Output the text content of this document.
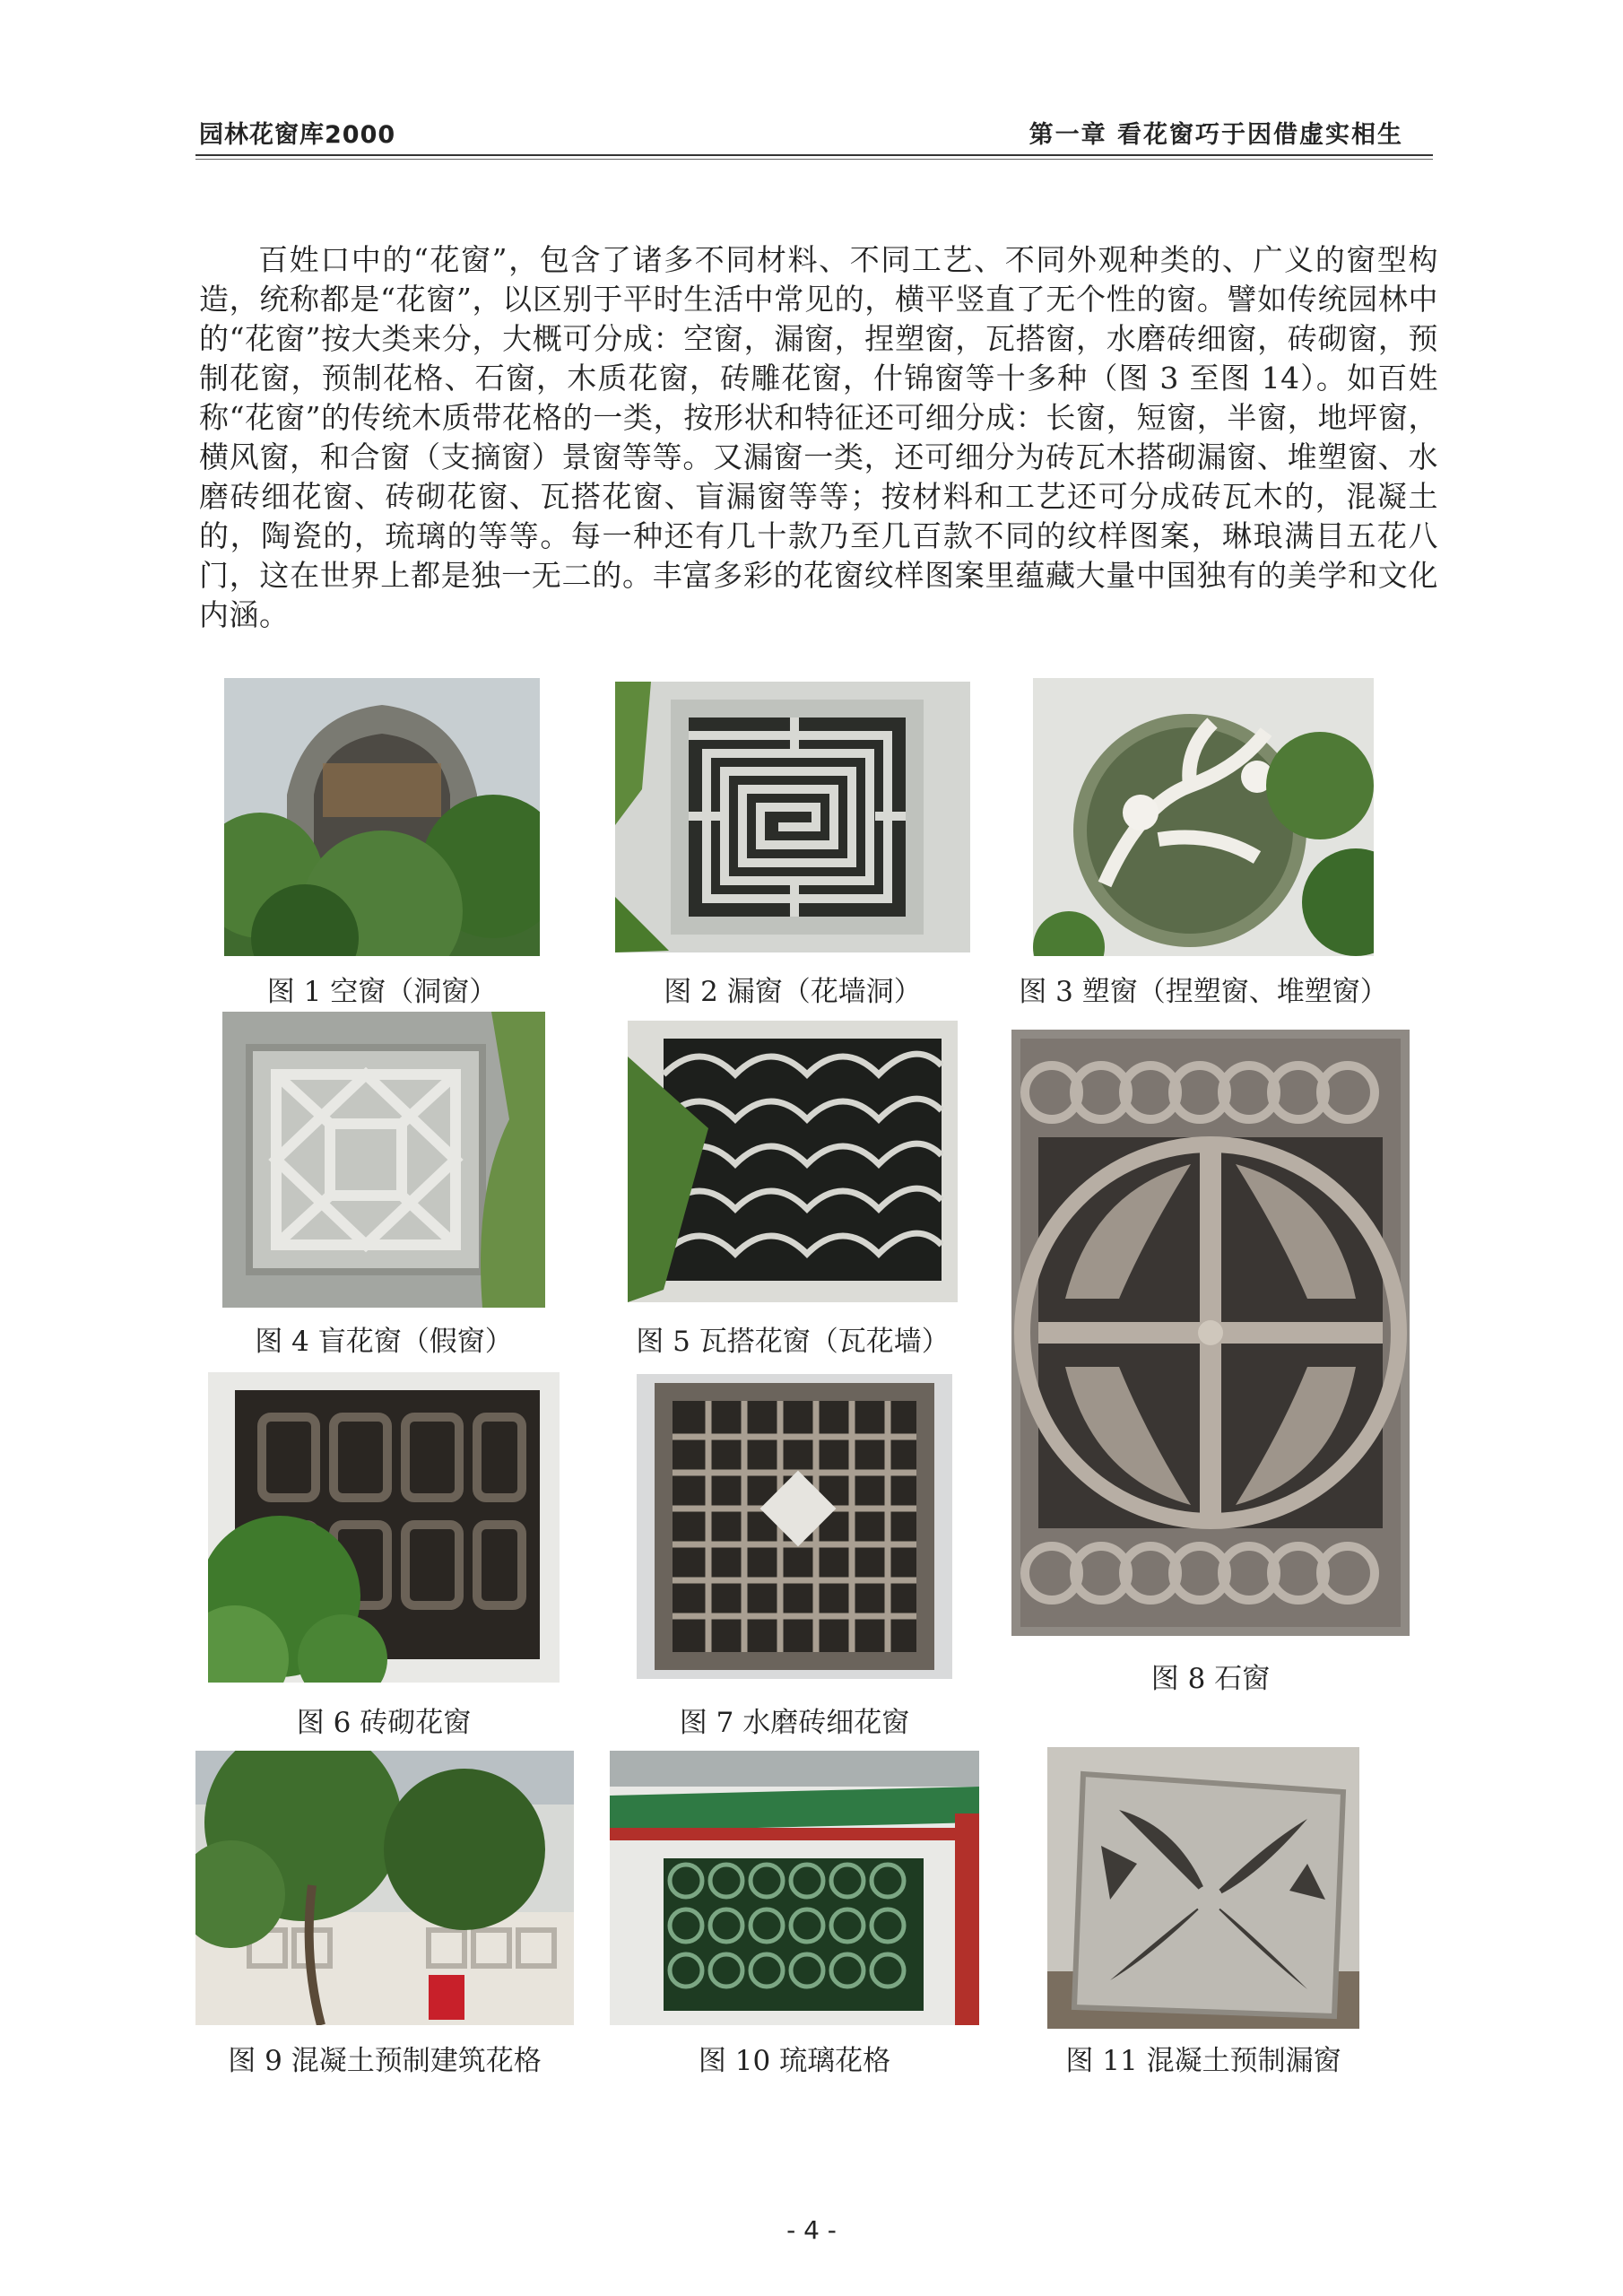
园林花窗库2000	第一章 看花窗巧于因借虚实相生
百姓口中的“花窗”，包含了诸多不同材料、不同工艺、不同外观种类的、广义的窗型构造，统称都是“花窗”，以区别于平时生活中常见的，横平竖直了无个性的窗。譬如传统园林中的“花窗”按大类来分，大概可分成：空窗，漏窗，捏塑窗，瓦搭窗，水磨砖细窗，砖砌窗，预制花窗，预制花格、石窗，木质花窗，砖雕花窗，什锦窗等十多种（图 3 至图 14）。如百姓称“花窗”的传统木质带花格的一类，按形状和特征还可细分成：长窗，短窗，半窗，地坪窗，横风窗，和合窗（支摘窗）景窗等等。又漏窗一类，还可细分为砖瓦木搭砌漏窗、堆塑窗、水磨砖细花窗、砖砌花窗、瓦搭花窗、盲漏窗等等；按材料和工艺还可分成砖瓦木的，混凝土的，陶瓷的，琉璃的等等。每一种还有几十款乃至几百款不同的纹样图案，琳琅满目五花八门，这在世界上都是独一无二的。丰富多彩的花窗纹样图案里蕴藏大量中国独有的美学和文化内涵。
图 1 空窗（洞窗）	图 2 漏窗（花墙洞）	图 3 塑窗（捏塑窗、堆塑窗）
图 4 盲花窗（假窗）	图 5 瓦搭花窗（瓦花墙）
图 8 石窗
图 6 砖砌花窗	图 7 水磨砖细花窗
图 9 混凝土预制建筑花格	图 10 琉璃花格	图 11 混凝土预制漏窗
- 4 -
